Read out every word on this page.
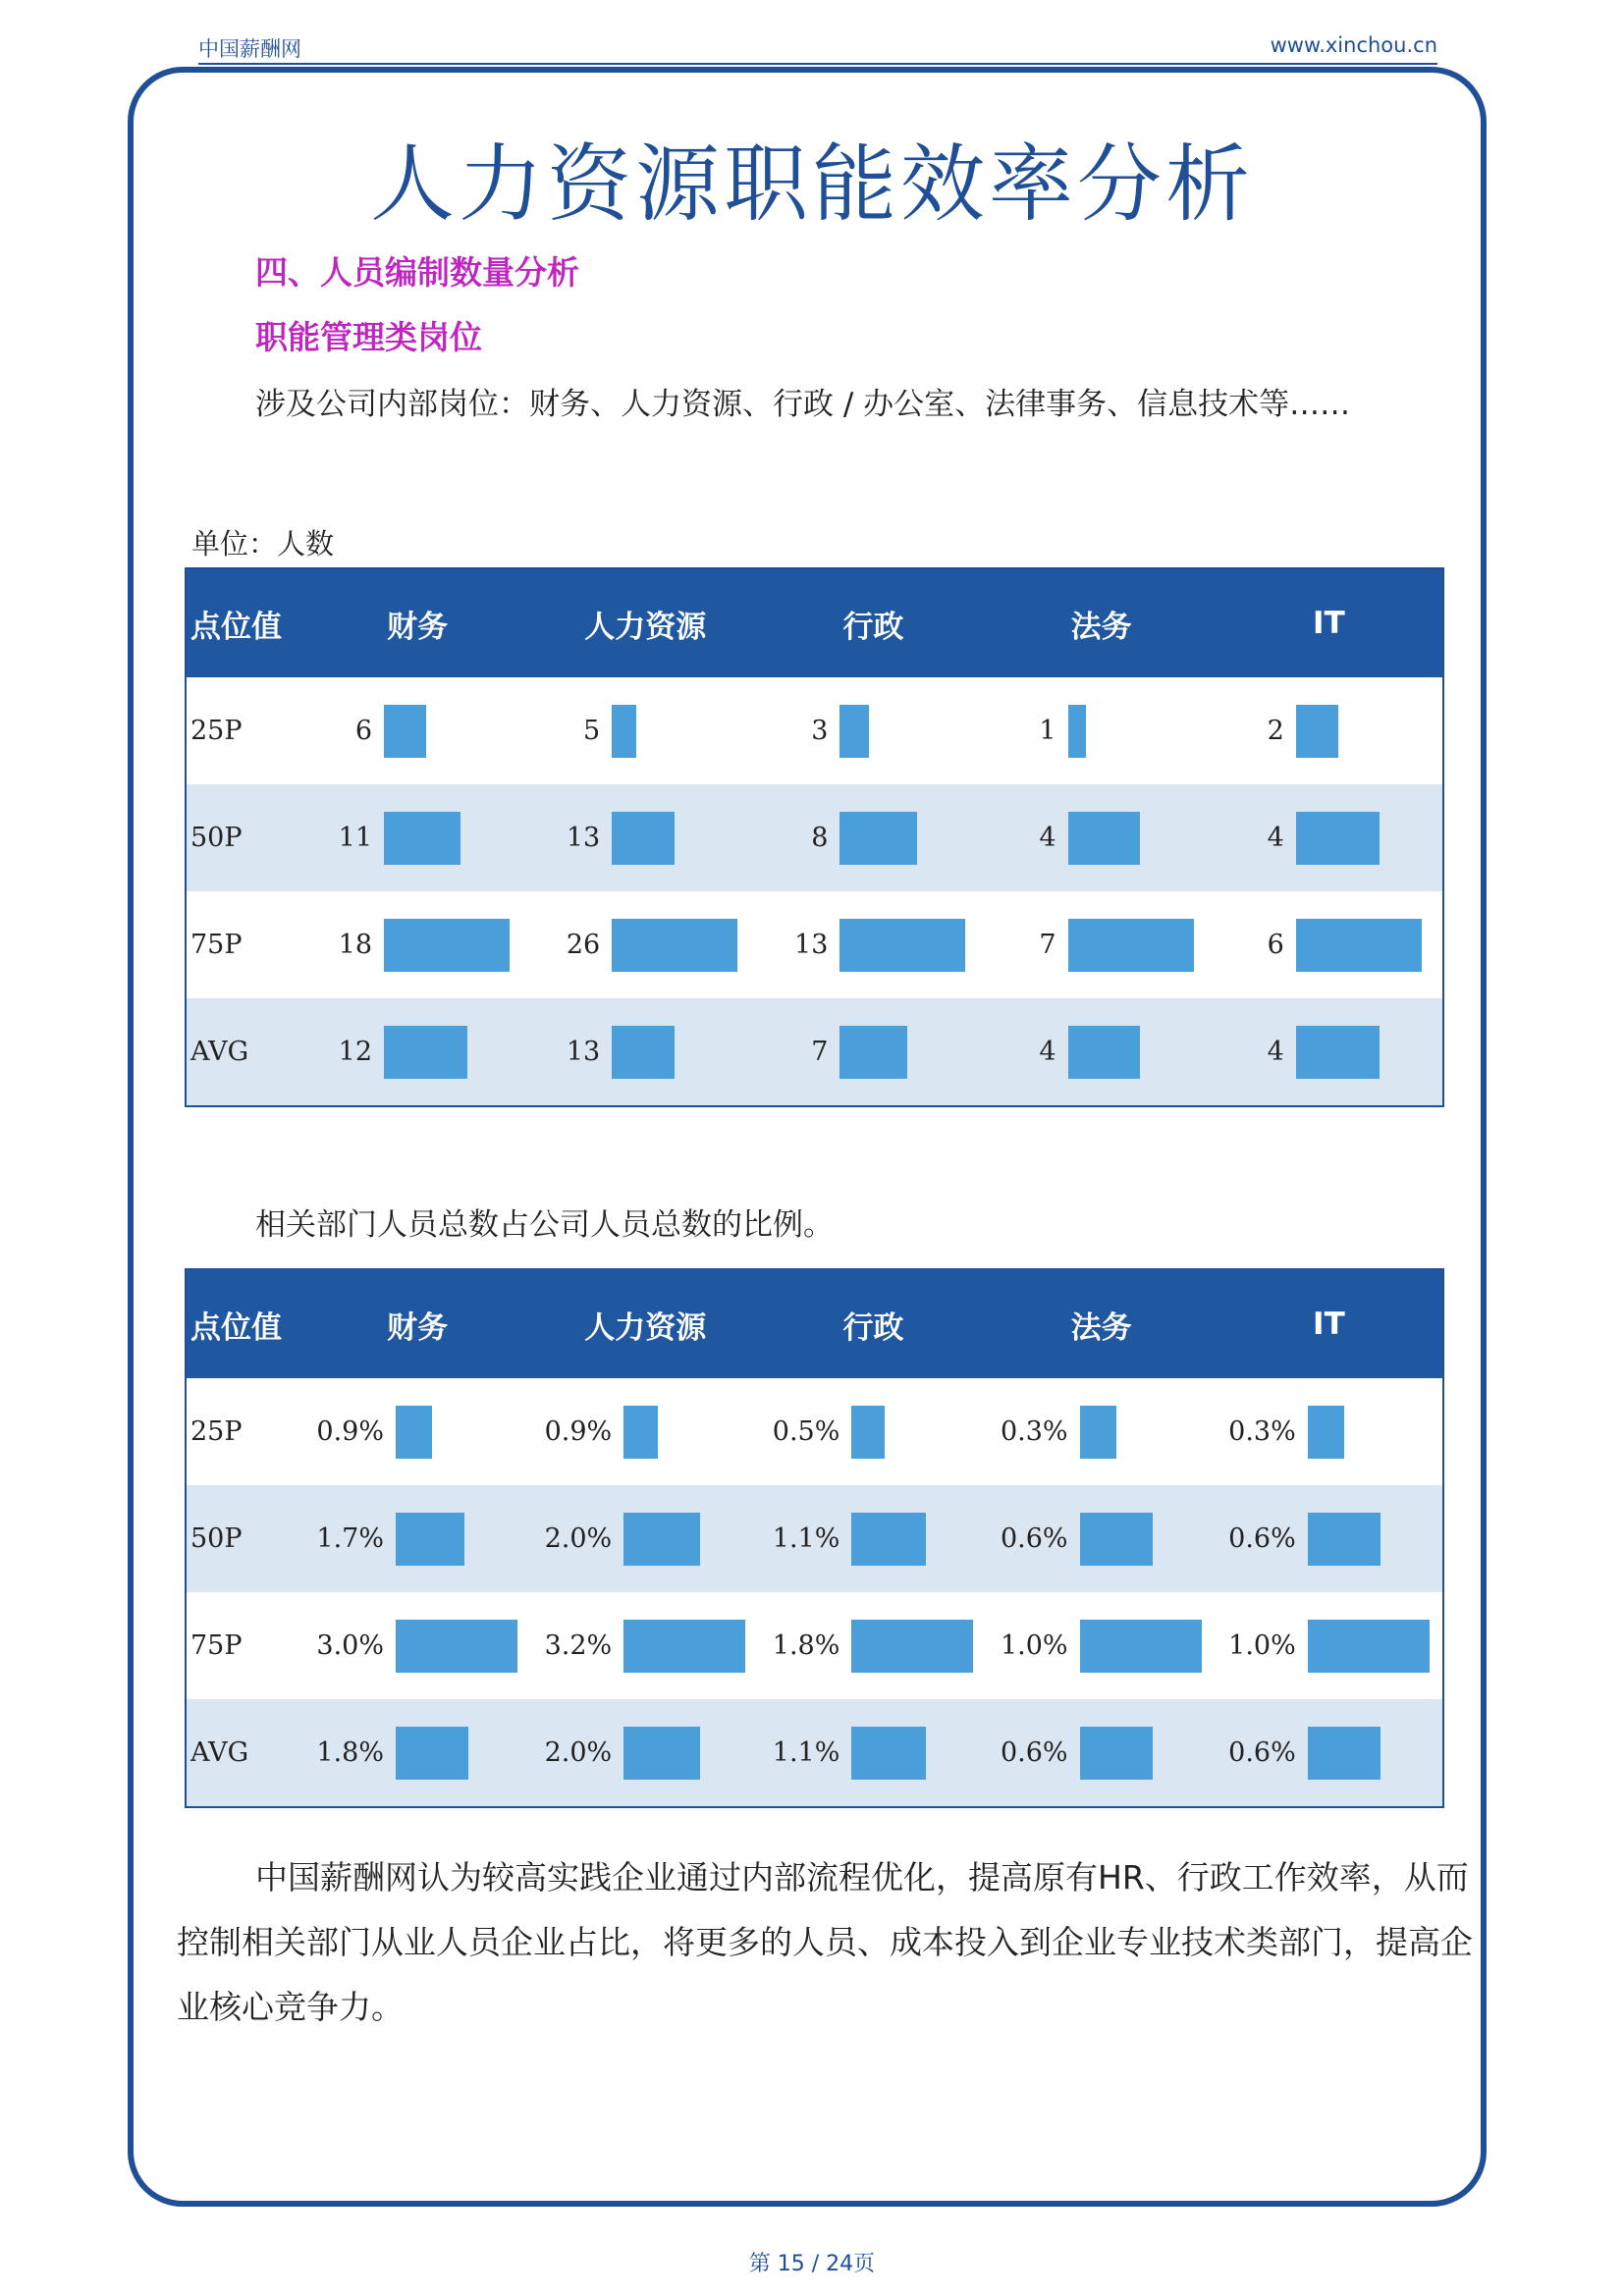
中国薪酬网	www.xinchou.cn
人力资源职能效率分析
四、人员编制数量分析
职能管理类岗位
涉及公司内部岗位：财务、人力资源、行政 / 办公室、法律事务、信息技术等……
单位：人数
点位值	财务	人力资源	行政	法务	IT
25P	6	5	3	1	2

50P	11	13	8	4	4

75P	18	26	13	7	6

AVG	12	13	7	4	4
相关部门人员总数占公司人员总数的比例。
点位值	财务	人力资源	行政	法务	IT
25P	0.9%	0.9%	0.5%	0.3%	0.3%

50P	1.7%	2.0%	1.1%	0.6%	0.6%

75P	3.0%	3.2%	1.8%	1.0%	1.0%

AVG	1.8%	2.0%	1.1%	0.6%	0.6%
中国薪酬网认为较高实践企业通过内部流程优化，提高原有HR、行政工作效率，从而控制相关部门从业人员企业占比，将更多的人员、成本投入到企业专业技术类部门，提高企业核心竞争力。
第 15 / 24页
